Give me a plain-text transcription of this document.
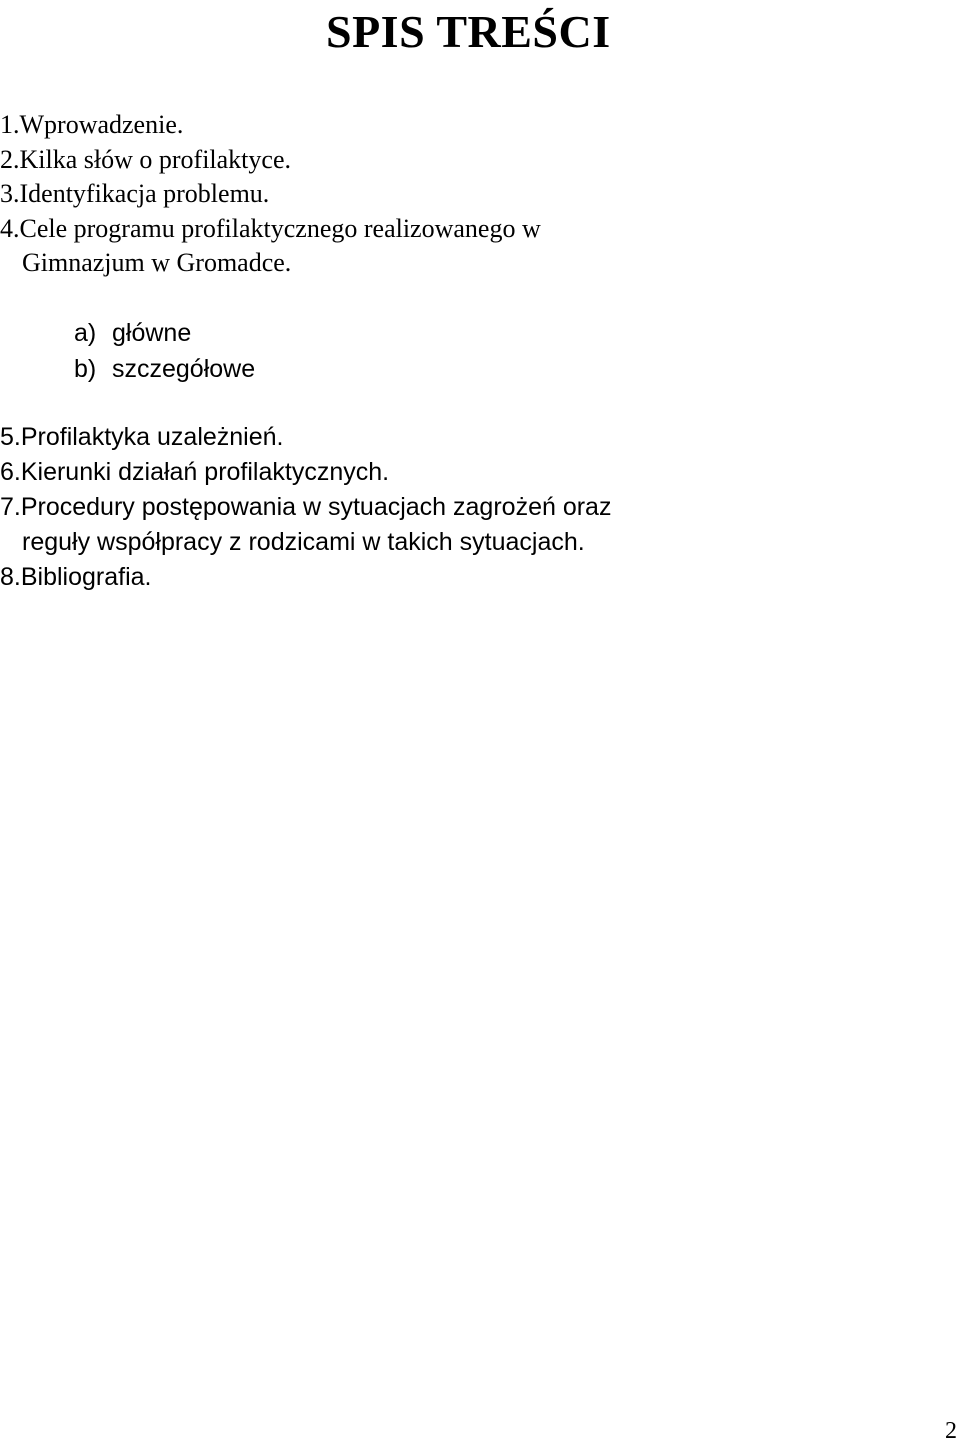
SPIS TREŚCI
1.Wprowadzenie.
2.Kilka słów o profilaktyce.
3.Identyfikacja problemu.
4.Cele programu profilaktycznego realizowanego w
Gimnazjum w Gromadce.
a) główne
b) szczegółowe
5.Profilaktyka uzależnień.
6.Kierunki działań profilaktycznych.
7.Procedury postępowania w sytuacjach zagrożeń oraz
reguły współpracy z rodzicami w takich sytuacjach.
8.Bibliografia.
2
